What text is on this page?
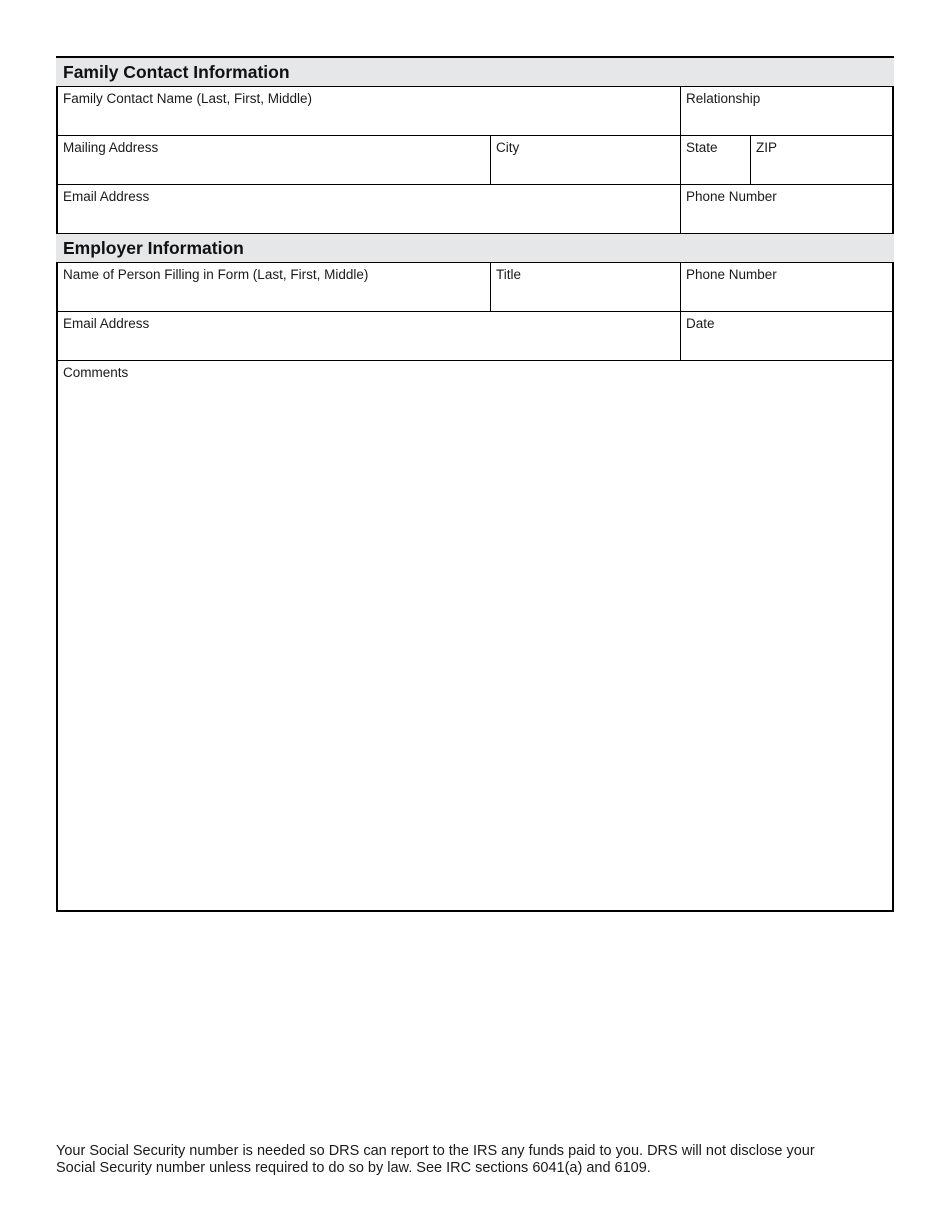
Family Contact Information
Family Contact Name (Last, First, Middle)	Relationship
Mailing Address	City	State	ZIP
Email Address	Phone Number
Employer Information
Name of Person Filling in Form (Last, First, Middle)	Title	Phone Number
Email Address	Date
Comments
Your Social Security number is needed so DRS can report to the IRS any funds paid to you. DRS will not disclose your
Social Security number unless required to do so by law. See IRC sections 6041(a) and 6109.
